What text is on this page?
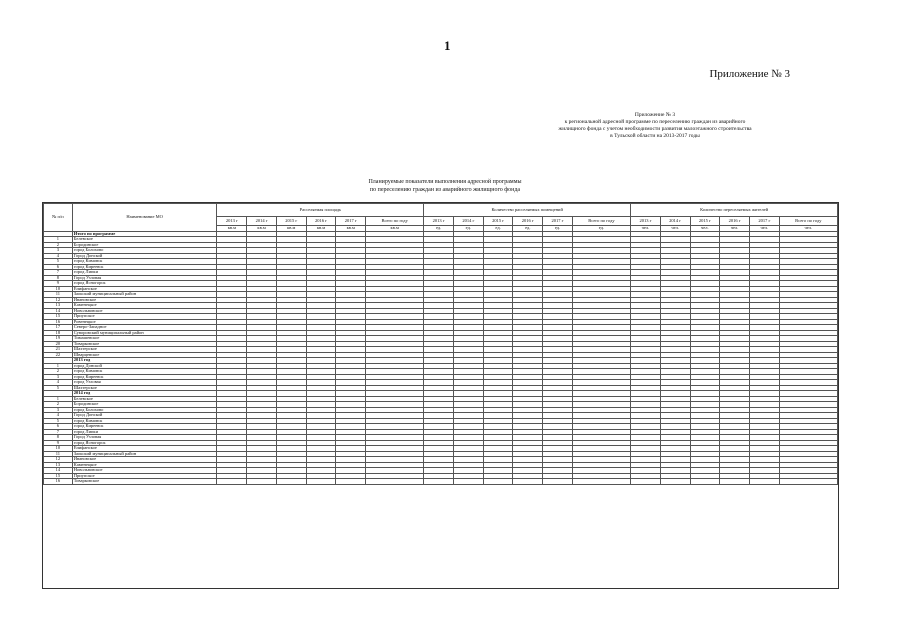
1
Приложение № 3
Приложение № 3
к региональной адресной программе по переселению граждан из аварийного
жилищного фонда с учетом необходимости развития малоэтажного строительства
в Тульской области на 2013-2017 годы
Планируемые показатели выполнения адресной программы
по переселению граждан из аварийного жилищного фонда
№ п/п	Наименование МО	Расселяемая площадь						Количество расселяемых помещений						Количество переселяемых жителей					
		2013 г	2014 г	2015 г	2016 г	2017 г	Всего по году	2013 г	2014 г	2015 г	2016 г	2017 г	Всего по году	2013 г	2014 г	2015 г	2016 г	2017 г	Всего по году
		кв.м	кв.м	кв.м	кв.м	кв.м	кв.м	ед.	ед.	ед.	ед.	ед.	ед.	чел.	чел.	чел.	чел.	чел.	чел.
	Итого по программе																		
1	Белевское																		
2	Бородинское																		
3	город Болохово																		
4	Город Донской																		
5	город Кимовск																		
6	город Киреевск																		
7	город Липки																		
8	Город Узловая																		
9	город Ясногорск																		
10	Епифанское																		
11	Заокский муниципальный район																		
12	Ивановское																		
13	Каменецкое																		
14	Новольвовское																		
15	Приупское																		
16	Ровенецкое																		
17	Северо-Западное																		
18	Суворовский муниципальный район																		
19	Тимашевское																		
20	Товарковское																		
21	Шахтерское																		
22	Шварцевское																		
	2013 год																		
1	город Донской																		
2	город Кимовск																		
3	город Киреевск																		
4	город Узловая																		
5	Шахтерское																		
	2014 год																		
1	Белевское																		
2	Бородинское																		
3	город Болохово																		
4	Город Донской																		
5	город Кимовск																		
6	город Киреевск																		
7	город Липки																		
8	Город Узловая																		
9	город Ясногорск																		
10	Епифанское																		
11	Заокский муниципальный район																		
12	Ивановское																		
13	Каменецкое																		
14	Новольвовское																		
15	Приупское																		
16	Товарковское																		
